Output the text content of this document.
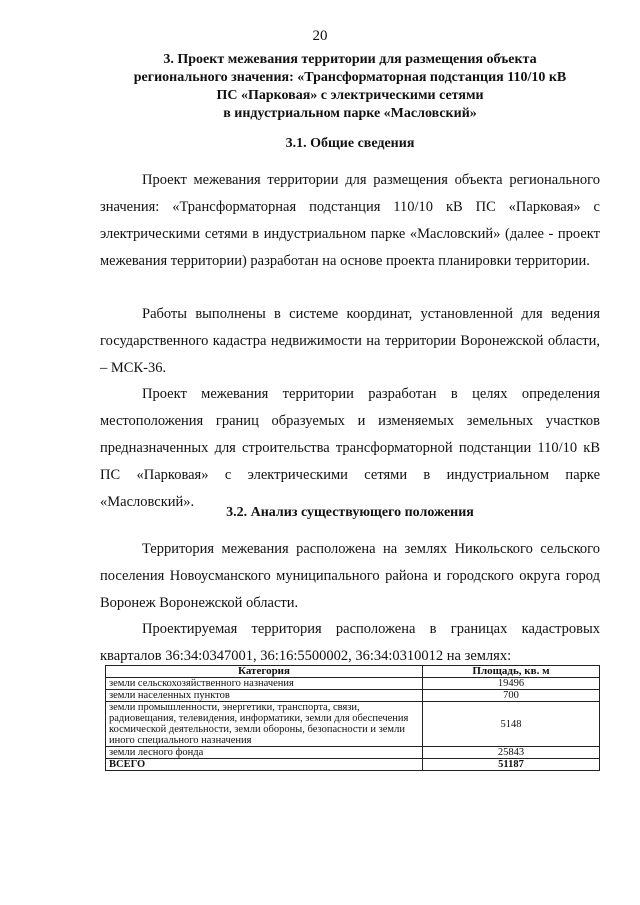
20
3. Проект межевания территории для размещения объекта
регионального значения: «Трансформаторная подстанция 110/10 кВ
ПС «Парковая» с электрическими сетями
в индустриальном парке «Масловский»
3.1. Общие сведения

Проект межевания территории для размещения объекта регионального значения: «Трансформаторная подстанция 110/10 кВ ПС «Парковая» с электрическими сетями в индустриальном парке «Масловский» (далее - проект межевания территории) разработан на основе проекта планировки территории.

Работы выполнены в системе координат, установленной для ведения государственного кадастра недвижимости на территории Воронежской области, – МСК-36.

Проект межевания территории разработан в целях определения местоположения границ образуемых и изменяемых земельных участков предназначенных для строительства трансформаторной подстанции 110/10 кВ ПС «Парковая» с электрическими сетями в индустриальном парке «Масловский».

3.2. Анализ существующего положения

Территория межевания расположена на землях Никольского сельского поселения Новоусманского муниципального района и городского округа город Воронеж Воронежской области.

Проектируемая территория расположена в границах кадастровых кварталов 36:34:0347001, 36:16:5500002, 36:34:0310012 на землях:

Категория	Площадь, кв. м
земли сельскохозяйственного назначения	19496
земли населенных пунктов	700
земли промышленности, энергетики, транспорта, связи, радиовещания, телевидения, информатики, земли для обеспечения космической деятельности, земли обороны, безопасности и земли иного специального назначения	5148
земли лесного фонда	25843
ВСЕГО	51187
